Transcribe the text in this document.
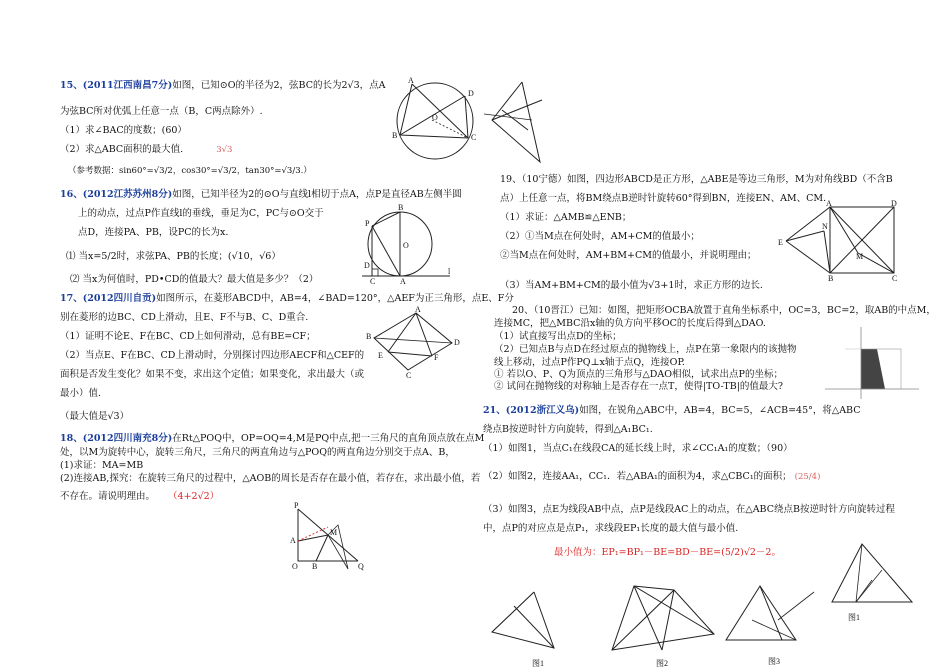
15、(2011江西南昌7分)如图，已知⊙O的半径为2，弦BC的长为2√3，点A
为弦BC所对优弧上任意一点（B，C两点除外）.
（1）求∠BAC的度数；(60）
（2）求△ABC面积的最大值.	3√3
（参考数据：sin60°=√3/2，cos30°=√3/2，tan30°=√3/3.）
A
D
O
B	C
16、(2012江苏苏州8分)如图，已知半径为2的⊙O与直线l相切于点A，点P是直径AB左侧半圆
上的动点，过点P作直线l的垂线，垂足为C，PC与⊙O交于
点D，连接PA、PB，设PC的长为x.
⑴ 当x=5/2时，求弦PA、PB的长度；(√10，√6）
⑵ 当x为何值时，PD•CD的值最大？最大值是多少？（2）
P
B
O
D
C	A
l
17、(2012四川自贡)如图所示，在菱形ABCD中，AB=4，∠BAD=120°，△AEF为正三角形，点E、F分
别在菱形的边BC、CD上滑动，且E、F不与B、C、D重合.
（1）证明不论E、F在BC、CD上如何滑动，总有BE=CF；
（2）当点E、F在BC、CD上滑动时，分别探讨四边形AECF和△CEF的
面积是否发生变化？如果不变，求出这个定值；如果变化，求出最大（或
最小）值.
（最大值是√3）
A
B
D
E	F
C
18、(2012四川南充8分)在Rt△POQ中，OP=OQ=4,M是PQ中点,把一三角尺的直角顶点放在点M
处，以M为旋转中心，旋转三角尺，三角尺的两直角边与△POQ的两直角边分别交于点A、B，
(1)求证：MA=MB
(2)连接AB,探究：在旋转三角尺的过程中，△AOB的周长是否存在最小值，若存在，求出最小值，若
不存在。请说明理由。 （4+2√2）
P
A
M
O B	Q
19、（10宁德）如图，四边形ABCD是正方形，△ABE是等边三角形，M为对角线BD（不含B
点）上任意一点，将BM绕点B逆时针旋转60°得到BN，连接EN、AM、CM.
（1）求证：△AMB≌△ENB；
（2）①当M点在何处时，AM+CM的值最小；
②当M点在何处时，AM+BM+CM的值最小，并说明理由；
（3）当AM+BM+CM的最小值为√3+1时，求正方形的边长.
A	D
E
N
M
B	C
20、（10晋江）已知：如图，把矩形OCBA放置于直角坐标系中，OC=3，BC=2，取AB的中点M，
连接MC，把△MBC沿x轴的负方向平移OC的长度后得到△DAO.
（1）试直接写出点D的坐标；
（2）已知点B与点D在经过原点的抛物线上，点P在第一象限内的该抛物
线上移动，过点P作PQ⊥x轴于点Q，连接OP.
① 若以O、P、Q为顶点的三角形与△DAO相似，试求出点P的坐标；
② 试问在抛物线的对称轴上是否存在一点T，使得|TO-TB|的值最大?
21、(2012浙江义乌)如图，在锐角△ABC中，AB=4，BC=5，∠ACB=45°，将△ABC
绕点B按逆时针方向旋转，得到△A₁BC₁.
（1）如图1，当点C₁在线段CA的延长线上时，求∠CC₁A₁的度数；（90）
（2）如图2，连接AA₁，CC₁．若△ABA₁的面积为4，求△CBC₁的面积； (25/4)
（3）如图3，点E为线段AB中点，点P是线段AC上的动点，在△ABC绕点B按逆时针方向旋转过程
中，点P的对应点是点P₁，求线段EP₁长度的最大值与最小值.
最小值为：EP₁=BP₁－BE=BD－BE=(5/2)√2－2。
图1
图1	图2	图3
